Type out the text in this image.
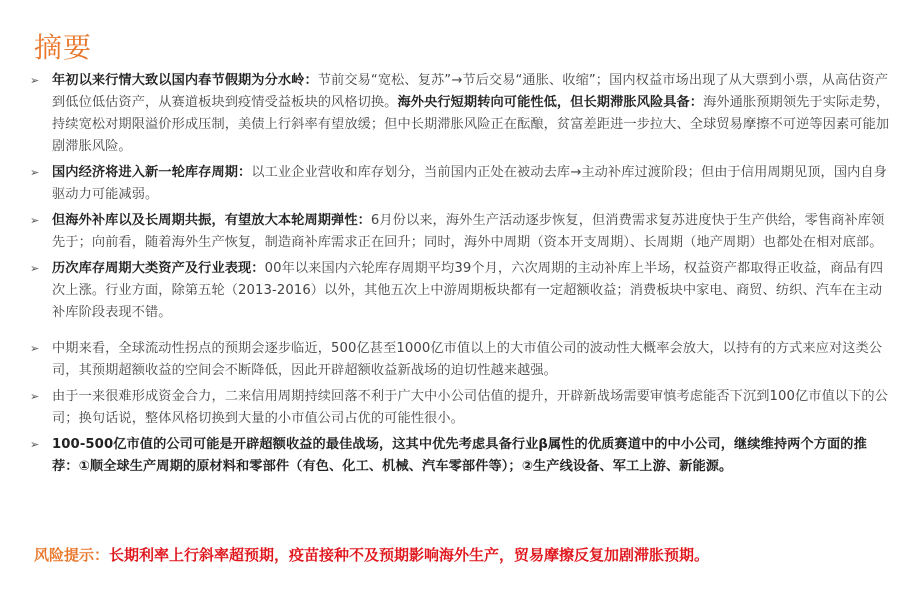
摘要
➢ 年初以来行情大致以国内春节假期为分水岭：节前交易“宽松、复苏”→节后交易“通胀、收缩”；国内权益市场出现了从大票到小票，从高估资产到低位低估资产，从赛道板块到疫情受益板块的风格切换。海外央行短期转向可能性低，但长期滞胀风险具备：海外通胀预期领先于实际走势，持续宽松对期限溢价形成压制，美债上行斜率有望放缓；但中长期滞胀风险正在酝酿，贫富差距进一步拉大、全球贸易摩擦不可逆等因素可能加剧滞胀风险。
➢ 国内经济将进入新一轮库存周期：以工业企业营收和库存划分，当前国内正处在被动去库→主动补库过渡阶段；但由于信用周期见顶，国内自身驱动力可能减弱。
➢ 但海外补库以及长周期共振，有望放大本轮周期弹性：6月份以来，海外生产活动逐步恢复，但消费需求复苏进度快于生产供给，零售商补库领先于；向前看，随着海外生产恢复，制造商补库需求正在回升；同时，海外中周期（资本开支周期）、长周期（地产周期）也都处在相对底部。
➢ 历次库存周期大类资产及行业表现：00年以来国内六轮库存周期平均39个月，六次周期的主动补库上半场，权益资产都取得正收益，商品有四次上涨。行业方面，除第五轮（2013-2016）以外，其他五次上中游周期板块都有一定超额收益；消费板块中家电、商贸、纺织、汽车在主动补库阶段表现不错。
➢ 中期来看，全球流动性拐点的预期会逐步临近，500亿甚至1000亿市值以上的大市值公司的波动性大概率会放大，以持有的方式来应对这类公司，其预期超额收益的空间会不断降低，因此开辟超额收益新战场的迫切性越来越强。
➢ 由于一来很难形成资金合力，二来信用周期持续回落不利于广大中小公司估值的提升，开辟新战场需要审慎考虑能否下沉到100亿市值以下的公司；换句话说，整体风格切换到大量的小市值公司占优的可能性很小。
➢ 100-500亿市值的公司可能是开辟超额收益的最佳战场，这其中优先考虑具备行业β属性的优质赛道中的中小公司，继续维持两个方面的推荐：①顺全球生产周期的原材料和零部件（有色、化工、机械、汽车零部件等）；②生产线设备、军工上游、新能源。
风险提示：长期利率上行斜率超预期，疫苗接种不及预期影响海外生产，贸易摩擦反复加剧滞胀预期。
